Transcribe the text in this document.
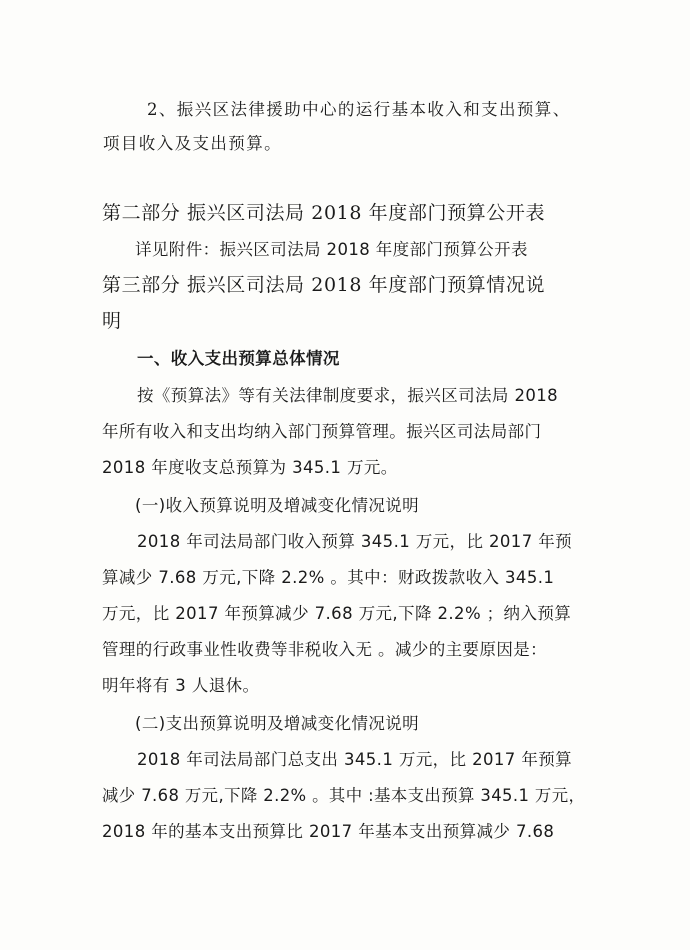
2、振兴区法律援助中心的运行基本收入和支出预算、
项目收入及支出预算。
第二部分 振兴区司法局 2018 年度部门预算公开表
详见附件：振兴区司法局 2018 年度部门预算公开表
第三部分 振兴区司法局 2018 年度部门预算情况说
明
一、收入支出预算总体情况
按《预算法》等有关法律制度要求，振兴区司法局 2018
年所有收入和支出均纳入部门预算管理。振兴区司法局部门
2018 年度收支总预算为 345.1 万元。
(一)收入预算说明及增减变化情况说明
2018 年司法局部门收入预算 345.1 万元，比 2017 年预
算减少 7.68 万元,下降 2.2% 。其中：财政拨款收入 345.1
万元，比 2017 年预算减少 7.68 万元,下降 2.2% ；纳入预算
管理的行政事业性收费等非税收入无 。减少的主要原因是：
明年将有 3 人退休。
(二)支出预算说明及增减变化情况说明
2018 年司法局部门总支出 345.1 万元，比 2017 年预算
减少 7.68 万元,下降 2.2% 。其中 :基本支出预算 345.1 万元，
2018 年的基本支出预算比 2017 年基本支出预算减少 7.68
